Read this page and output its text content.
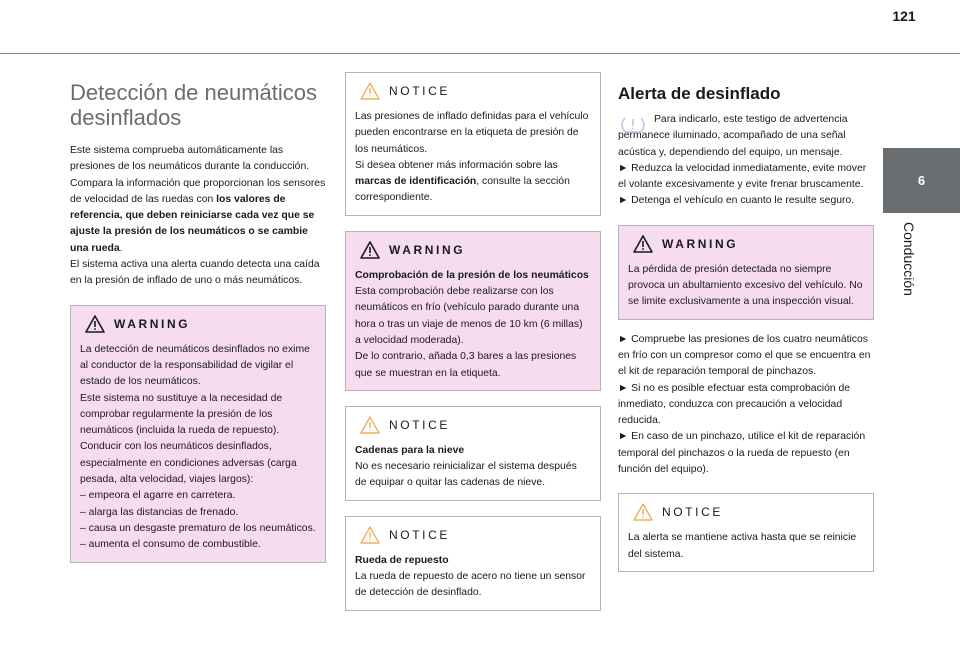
121
6
Conducción
Detección de neumáticos desinflados

Este sistema comprueba automáticamente las presiones de los neumáticos durante la conducción.

Compara la información que proporcionan los sensores de velocidad de las ruedas con los valores de referencia, que deben reiniciarse cada vez que se ajuste la presión de los neumáticos o se cambie una rueda.

El sistema activa una alerta cuando detecta una caída en la presión de inflado de uno o más neumáticos.

WARNING

La detección de neumáticos desinflados no exime al conductor de la responsabilidad de vigilar el estado de los neumáticos.

Este sistema no sustituye a la necesidad de comprobar regularmente la presión de los neumáticos (incluida la rueda de repuesto).

Conducir con los neumáticos desinflados, especialmente en condiciones adversas (carga pesada, alta velocidad, viajes largos):

– empeora el agarre en carretera.

– alarga las distancias de frenado.

– causa un desgaste prematuro de los neumáticos.

– aumenta el consumo de combustible.

NOTICE

Las presiones de inflado definidas para el vehículo pueden encontrarse en la etiqueta de presión de los neumáticos.

Si desea obtener más información sobre las marcas de identificación, consulte la sección correspondiente.

WARNING

Comprobación de la presión de los neumáticos

Esta comprobación debe realizarse con los neumáticos en frío (vehículo parado durante una hora o tras un viaje de menos de 10 km (6 millas) a velocidad moderada).

De lo contrario, añada 0,3 bares a las presiones que se muestran en la etiqueta.

NOTICE

Cadenas para la nieve

No es necesario reinicializar el sistema después de equipar o quitar las cadenas de nieve.

NOTICE

Rueda de repuesto

La rueda de repuesto de acero no tiene un sensor de detección de desinflado.

Alerta de desinflado

Para indicarlo, este testigo de advertencia permanece iluminado, acompañado de una señal acústica y, dependiendo del equipo, un mensaje.

► Reduzca la velocidad inmediatamente, evite mover el volante excesivamente y evite frenar bruscamente.

► Detenga el vehículo en cuanto le resulte seguro.

WARNING

La pérdida de presión detectada no siempre provoca un abultamiento excesivo del vehículo. No se limite exclusivamente a una inspección visual.

► Compruebe las presiones de los cuatro neumáticos en frío con un compresor como el que se encuentra en el kit de reparación temporal de pinchazos.

► Si no es posible efectuar esta comprobación de inmediato, conduzca con precaución a velocidad reducida.

► En caso de un pinchazo, utilice el kit de reparación temporal del pinchazos o la rueda de repuesto (en función del equipo).

NOTICE

La alerta se mantiene activa hasta que se reinicie del sistema.
